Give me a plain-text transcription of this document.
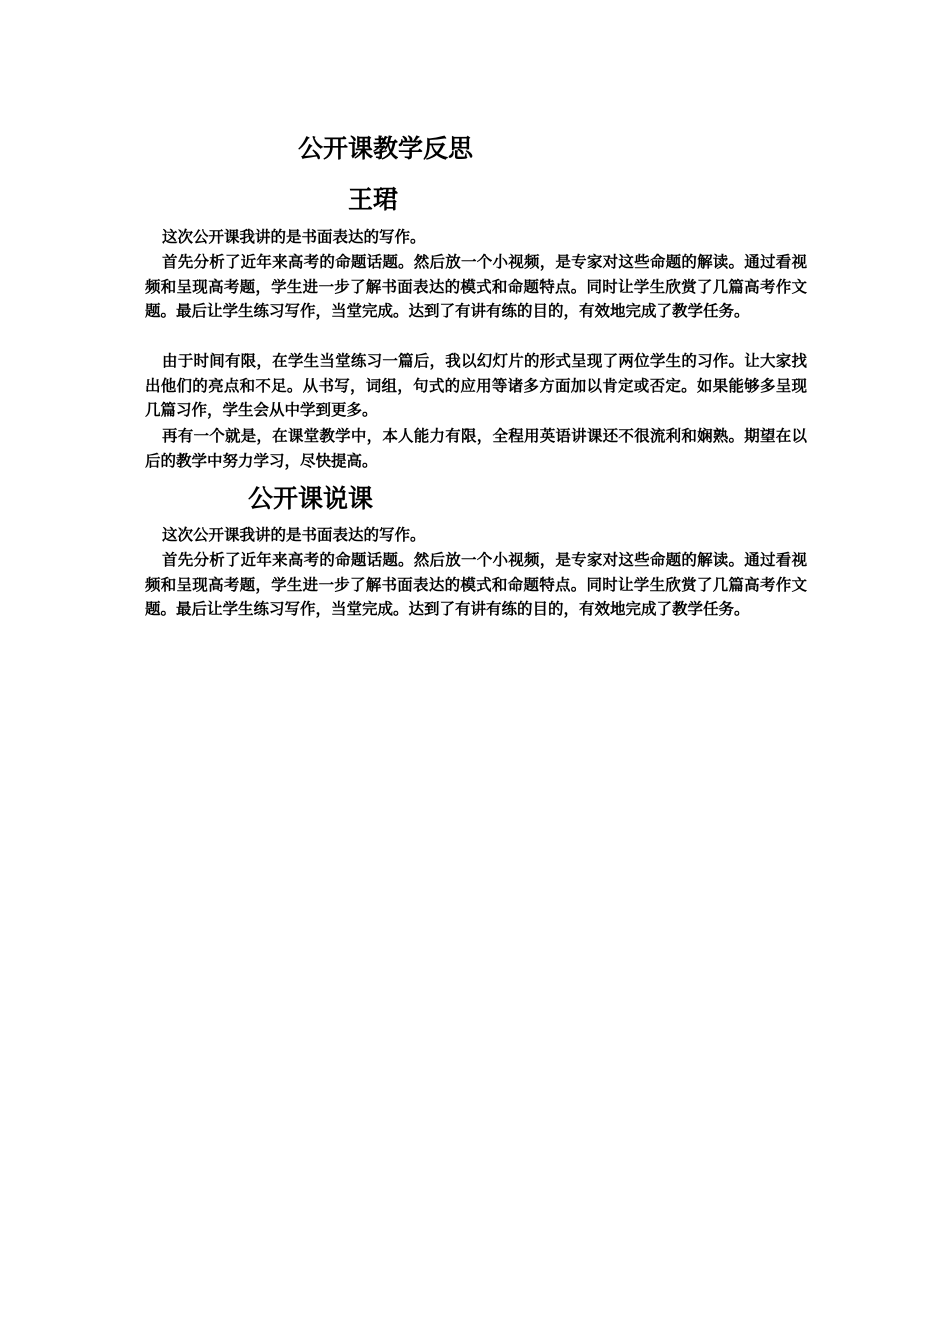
公开课教学反思
王珺

这次公开课我讲的是书面表达的写作。

首先分析了近年来高考的命题话题。然后放一个小视频，是专家对这些命题的解读。通过看视频和呈现高考题，学生进一步了解书面表达的模式和命题特点。同时让学生欣赏了几篇高考作文题。最后让学生练习写作，当堂完成。达到了有讲有练的目的，有效地完成了教学任务。

由于时间有限，在学生当堂练习一篇后，我以幻灯片的形式呈现了两位学生的习作。让大家找出他们的亮点和不足。从书写，词组，句式的应用等诸多方面加以肯定或否定。如果能够多呈现几篇习作，学生会从中学到更多。

再有一个就是，在课堂教学中，本人能力有限，全程用英语讲课还不很流利和娴熟。期望在以后的教学中努力学习，尽快提高。

公开课说课

这次公开课我讲的是书面表达的写作。

首先分析了近年来高考的命题话题。然后放一个小视频，是专家对这些命题的解读。通过看视频和呈现高考题，学生进一步了解书面表达的模式和命题特点。同时让学生欣赏了几篇高考作文题。最后让学生练习写作，当堂完成。达到了有讲有练的目的，有效地完成了教学任务。
